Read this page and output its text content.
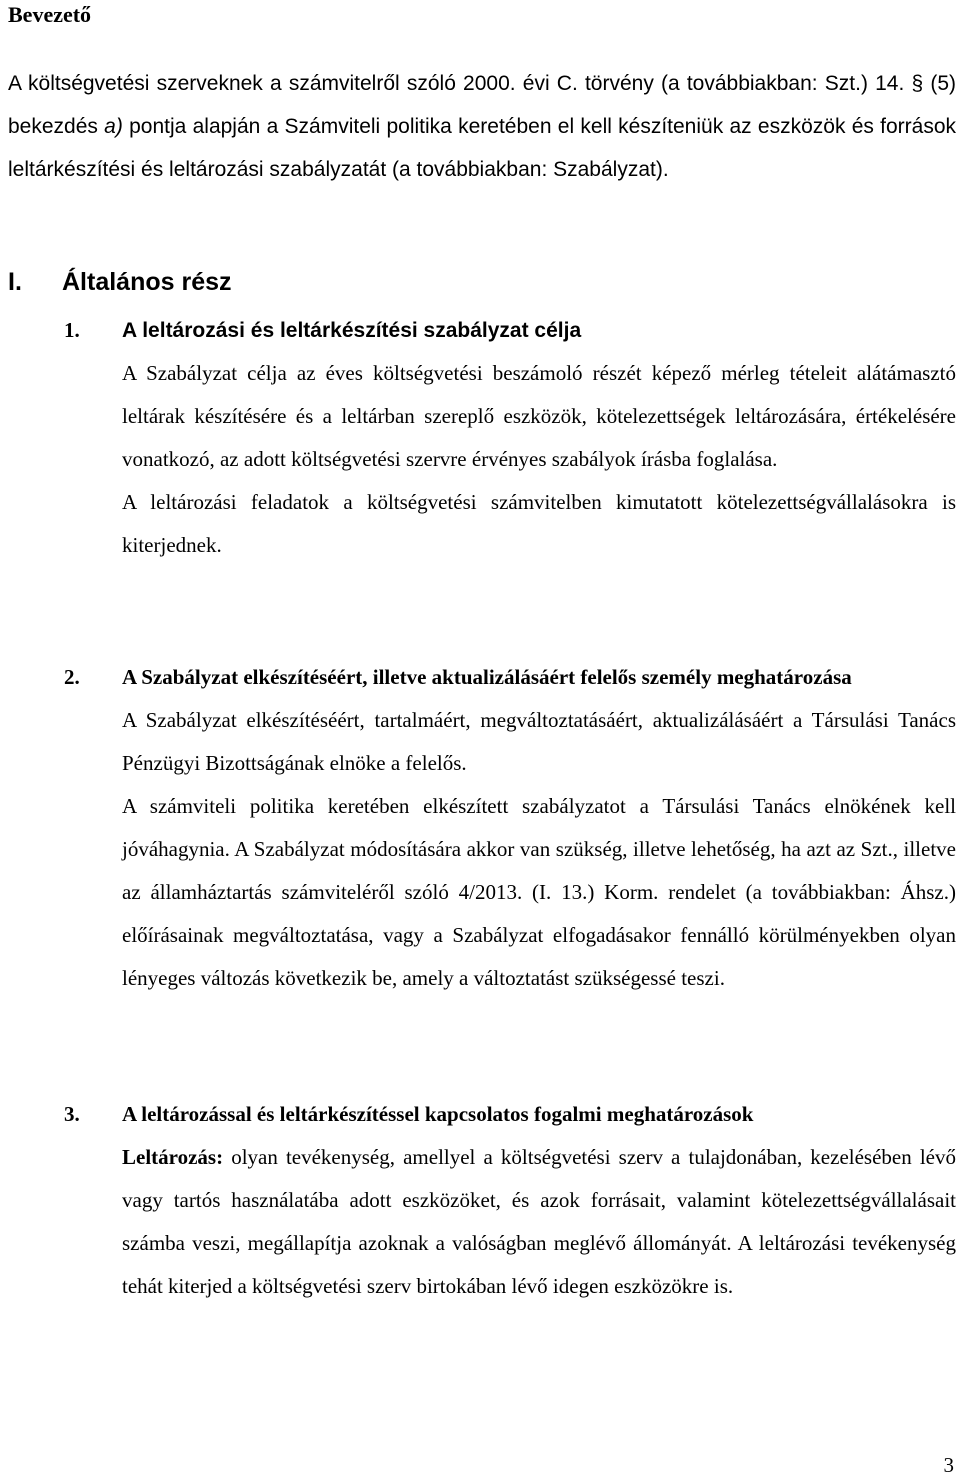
Bevezető
A költségvetési szerveknek a számvitelről szóló 2000. évi C. törvény (a továbbiakban: Szt.) 14. § (5) bekezdés a) pontja alapján a Számviteli politika keretében el kell készíteniük az eszközök és források leltárkészítési és leltározási szabályzatát (a továbbiakban: Szabályzat).
I. Általános rész
1. A leltározási és leltárkészítési szabályzat célja

A Szabályzat célja az éves költségvetési beszámoló részét képező mérleg tételeit alátámasztó leltárak készítésére és a leltárban szereplő eszközök, kötelezettségek leltározására, értékelésére vonatkozó, az adott költségvetési szervre érvényes szabályok írásba foglalása.

A leltározási feladatok a költségvetési számvitelben kimutatott kötelezettségvállalásokra is kiterjednek.

2. A Szabályzat elkészítéséért, illetve aktualizálásáért felelős személy meghatározása

A Szabályzat elkészítéséért, tartalmáért, megváltoztatásáért, aktualizálásáért a Társulási Tanács Pénzügyi Bizottságának elnöke a felelős.

A számviteli politika keretében elkészített szabályzatot a Társulási Tanács elnökének kell jóváhagynia. A Szabályzat módosítására akkor van szükség, illetve lehetőség, ha azt az Szt., illetve az államháztartás számviteléről szóló 4/2013. (I. 13.) Korm. rendelet (a továbbiakban: Áhsz.) előírásainak megváltoztatása, vagy a Szabályzat elfogadásakor fennálló körülményekben olyan lényeges változás következik be, amely a változtatást szükségessé teszi.

3. A leltározással és leltárkészítéssel kapcsolatos fogalmi meghatározások

Leltározás: olyan tevékenység, amellyel a költségvetési szerv a tulajdonában, kezelésében lévő vagy tartós használatába adott eszközöket, és azok forrásait, valamint kötelezettségvállalásait számba veszi, megállapítja azoknak a valóságban meglévő állományát. A leltározási tevékenység tehát kiterjed a költségvetési szerv birtokában lévő idegen eszközökre is.

3
